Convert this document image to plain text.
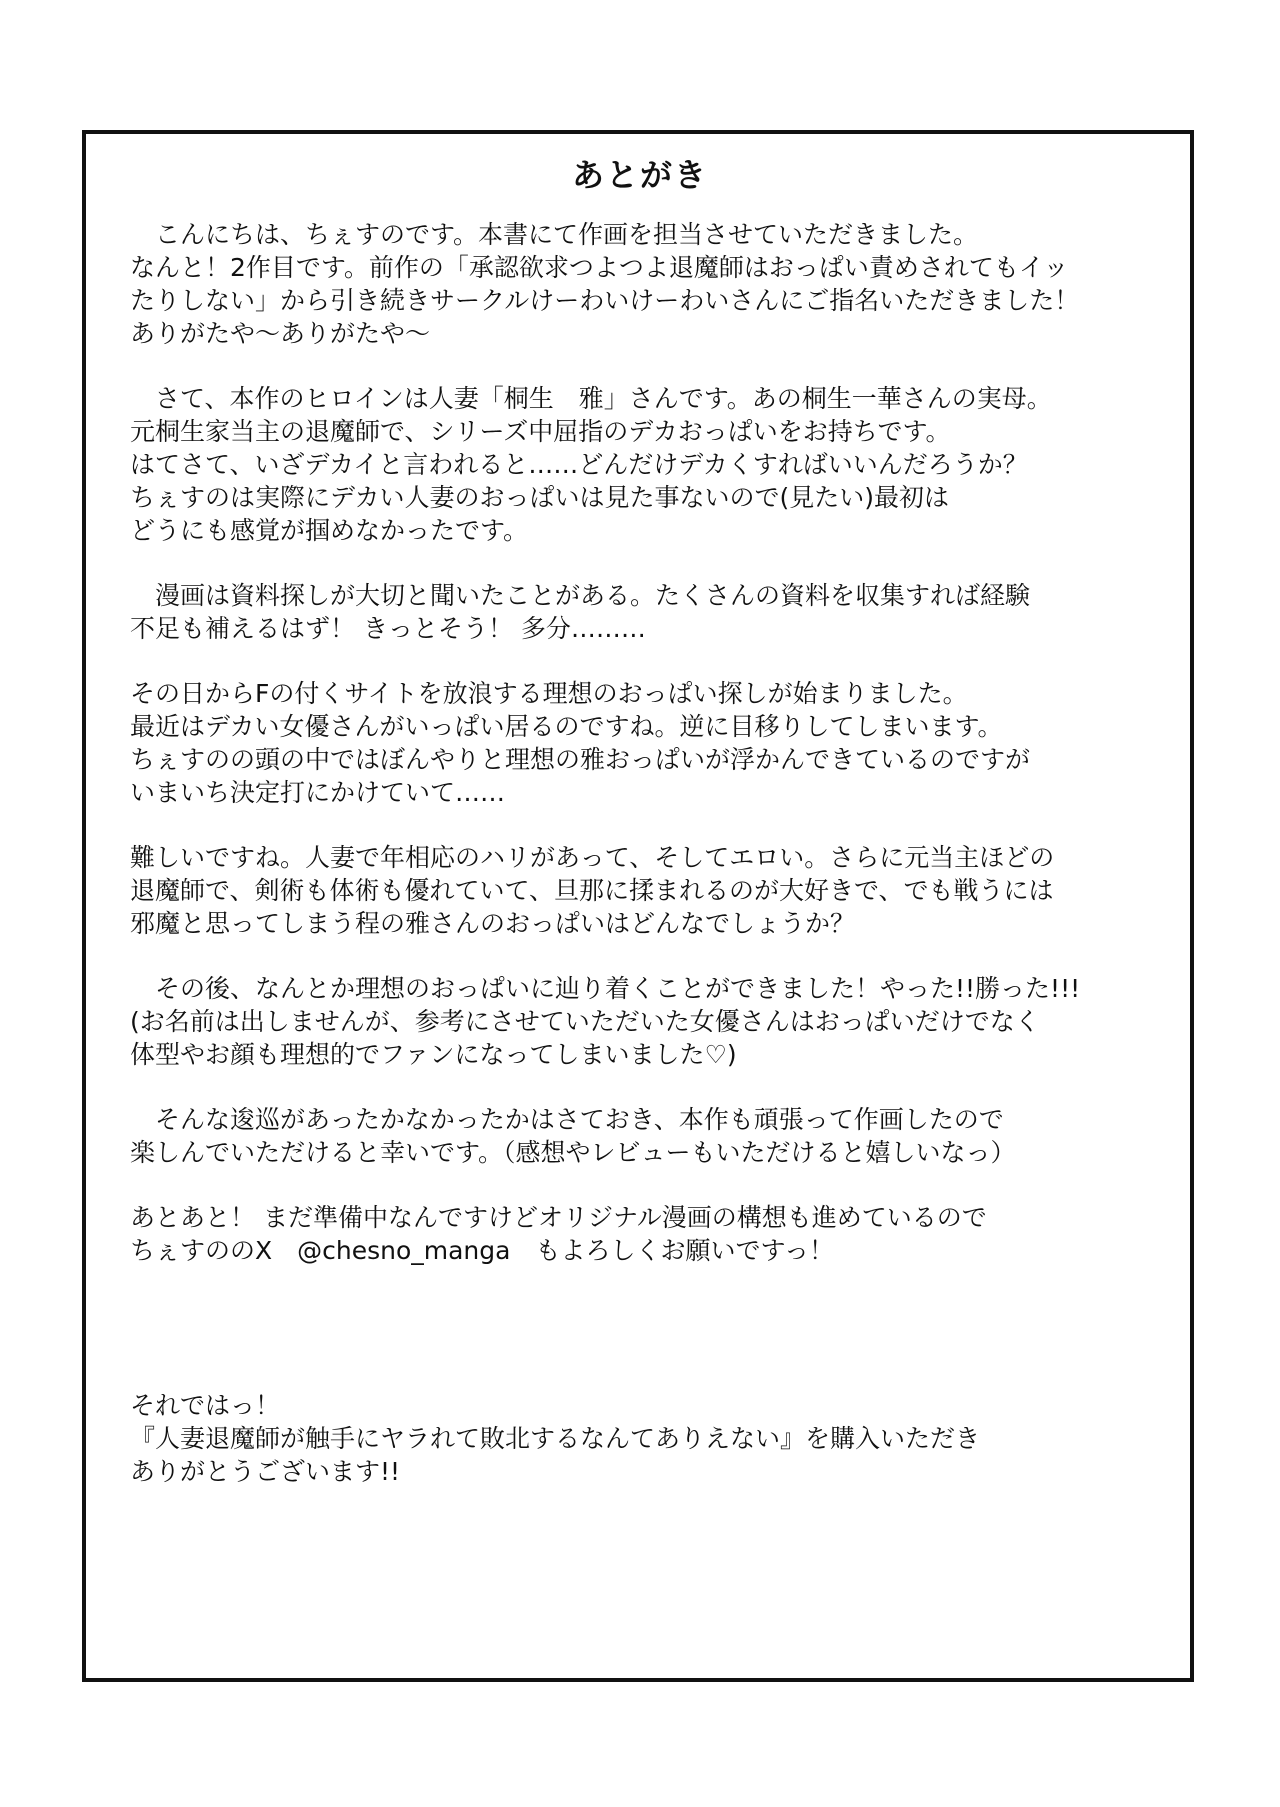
あとがき
　こんにちは、ちぇすのです。本書にて作画を担当させていただきました。
なんと！2作目です。前作の「承認欲求つよつよ退魔師はおっぱい責めされてもイッ
たりしない」から引き続きサークルけーわいけーわいさんにご指名いただきました！
ありがたや～ありがたや～
　さて、本作のヒロインは人妻「桐生　雅」さんです。あの桐生一華さんの実母。
元桐生家当主の退魔師で、シリーズ中屈指のデカおっぱいをお持ちです。
はてさて、いざデカイと言われると……どんだけデカくすればいいんだろうか？
ちぇすのは実際にデカい人妻のおっぱいは見た事ないので(見たい)最初は
どうにも感覚が掴めなかったです。
　漫画は資料探しが大切と聞いたことがある。たくさんの資料を収集すれば経験
不足も補えるはず！ きっとそう！ 多分………
その日からFの付くサイトを放浪する理想のおっぱい探しが始まりました。
最近はデカい女優さんがいっぱい居るのですね。逆に目移りしてしまいます。
ちぇすのの頭の中ではぼんやりと理想の雅おっぱいが浮かんできているのですが
いまいち決定打にかけていて……
難しいですね。人妻で年相応のハリがあって、そしてエロい。さらに元当主ほどの
退魔師で、剣術も体術も優れていて、旦那に揉まれるのが大好きで、でも戦うには
邪魔と思ってしまう程の雅さんのおっぱいはどんなでしょうか？
　その後、なんとか理想のおっぱいに辿り着くことができました！やった!!勝った!!!
(お名前は出しませんが、参考にさせていただいた女優さんはおっぱいだけでなく
体型やお顔も理想的でファンになってしまいました♡)
　そんな逡巡があったかなかったかはさておき、本作も頑張って作画したので
楽しんでいただけると幸いです。（感想やレビューもいただけると嬉しいなっ）
あとあと！ まだ準備中なんですけどオリジナル漫画の構想も進めているので
ちぇすののX　@chesno_manga　もよろしくお願いですっ！
それではっ！
『人妻退魔師が触手にヤラれて敗北するなんてありえない』を購入いただき
ありがとうございます!!
